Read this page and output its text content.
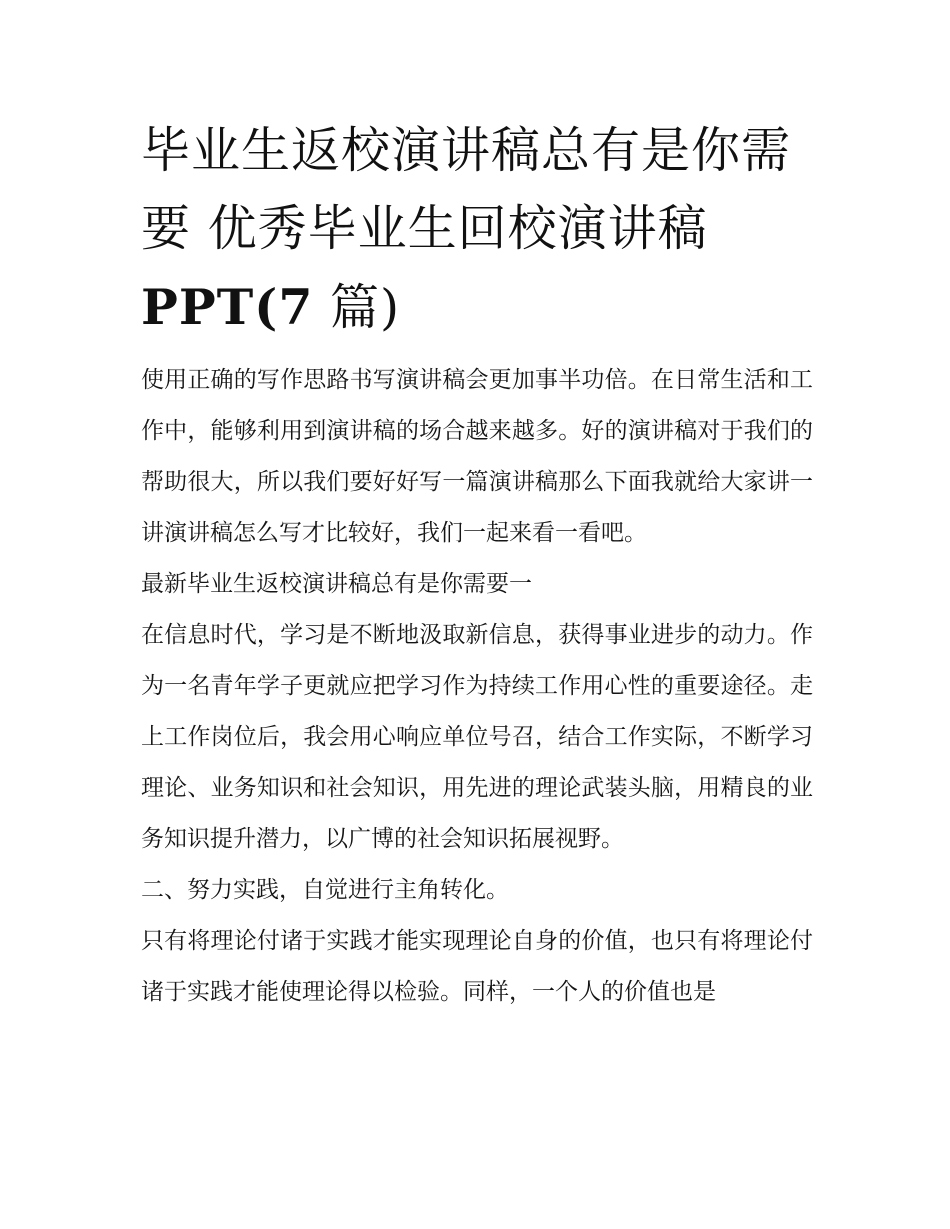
毕业生返校演讲稿总有是你需要 优秀毕业生回校演讲稿
PPT(7 篇)

使用正确的写作思路书写演讲稿会更加事半功倍。在日常生活和工作中，能够利用到演讲稿的场合越来越多。好的演讲稿对于我们的帮助很大，所以我们要好好写一篇演讲稿那么下面我就给大家讲一讲演讲稿怎么写才比较好，我们一起来看一看吧。

最新毕业生返校演讲稿总有是你需要一

在信息时代，学习是不断地汲取新信息，获得事业进步的动力。作为一名青年学子更就应把学习作为持续工作用心性的重要途径。走上工作岗位后，我会用心响应单位号召，结合工作实际，不断学习理论、业务知识和社会知识，用先进的理论武装头脑，用精良的业务知识提升潜力，以广博的社会知识拓展视野。

二、努力实践，自觉进行主角转化。

只有将理论付诸于实践才能实现理论自身的价值，也只有将理论付诸于实践才能使理论得以检验。同样，一个人的价值也是
